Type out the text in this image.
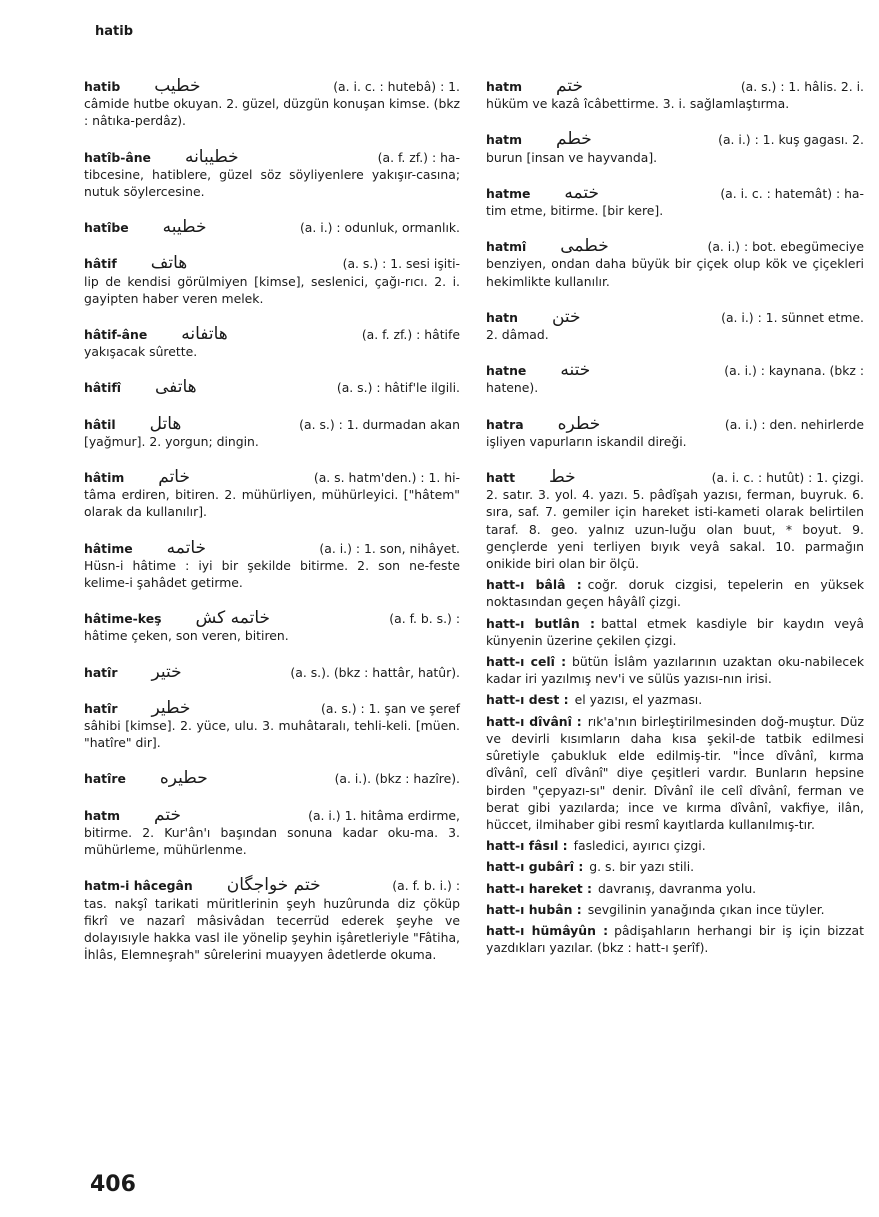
hatib
hatib	خطیب	(a. i. c. : hutebâ) : 1.
câmide hutbe okuyan. 2. güzel, düzgün konuşan kimse. (bkz : nâtıka-perdâz).
hatîb-âne	خطیبانه	(a. f. zf.) : ha-
tibcesine, hatiblere, güzel söz söyliyenlere yakışır-casına; nutuk söylercesine.
hatîbe	خطیبه	(a. i.) : odunluk, ormanlık.
hâtif	هاتف	(a. s.) : 1. sesi işiti-
lip de kendisi görülmiyen [kimse], seslenici, çağı-rıcı. 2. i. gayipten haber veren melek.
hâtif-âne	هاتفانه	(a. f. zf.) : hâtife
yakışacak sûrette.
hâtifî	هاتفی	(a. s.) : hâtif'le ilgili.
hâtil	هاتل	(a. s.) : 1. durmadan akan
[yağmur]. 2. yorgun; dingin.
hâtim	خاتم	(a. s. hatm'den.) : 1. hi-
tâma erdiren, bitiren. 2. mühürliyen, mühürleyici. ["hâtem" olarak da kullanılır].
hâtime	خاتمه	(a. i.) : 1. son, nihâyet.
Hüsn-i hâtime : iyi bir şekilde bitirme. 2. son ne-feste kelime-i şahâdet getirme.
hâtime-keş	خاتمه کش	(a. f. b. s.) :
hâtime çeken, son veren, bitiren.
hatîr	ختیر	(a. s.). (bkz : hattâr, hatûr).
hatîr	خطیر	(a. s.) : 1. şan ve şeref
sâhibi [kimse]. 2. yüce, ulu. 3. muhâtaralı, tehli-keli. [müen. "hatîre" dir].
hatîre	حطیره	(a. i.). (bkz : hazîre).
hatm	ختم	(a. i.) 1. hitâma erdirme,
bitirme. 2. Kur'ân'ı başından sonuna kadar oku-ma. 3. mühürleme, mühürlenme.
hatm-i hâcegân	ختم خواجگان	(a. f. b. i.) :
tas. nakşî tarikati müritlerinin şeyh huzûrunda diz çöküp fikrî ve nazarî mâsivâdan tecerrüd ederek şeyhe ve dolayısıyle hakka vasl ile yönelip şeyhin işâretleriyle "Fâtiha, İhlâs, Elemneşrah" sûrelerini muayyen âdetlerde okuma.
hatm	ختم	(a. s.) : 1. hâlis. 2. i.
hüküm ve kazâ îcâbettirme. 3. i. sağlamlaştırma.
hatm	خطم	(a. i.) : 1. kuş gagası. 2.
burun [insan ve hayvanda].
hatme	ختمه	(a. i. c. : hatemât) : ha-
tim etme, bitirme. [bir kere].
hatmî	خطمی	(a. i.) : bot. ebegümeciye
benziyen, ondan daha büyük bir çiçek olup kök ve çiçekleri hekimlikte kullanılır.
hatn	ختن	(a. i.) : 1. sünnet etme.
2. dâmad.
hatne	ختنه	(a. i.) : kaynana. (bkz :
hatene).
hatra	خطره	(a. i.) : den. nehirlerde
işliyen vapurların iskandil direği.
hatt	خط	(a. i. c. : hutût) : 1. çizgi.
2. satır. 3. yol. 4. yazı. 5. pâdîşah yazısı, ferman, buyruk. 6. sıra, saf. 7. gemiler için hareket isti-kameti olarak belirtilen taraf. 8. geo. yalnız uzun-luğu olan buut, * boyut. 9. gençlerde yeni terliyen bıyık veyâ sakal. 10. parmağın onikide biri olan bir ölçü.
hatt-ı bâlâ : coğr. doruk cizgisi, tepelerin en yüksek noktasından geçen hâyâlî çizgi.
hatt-ı butlân : battal etmek kasdiyle bir kaydın veyâ künyenin üzerine çekilen çizgi.
hatt-ı celî : bütün İslâm yazılarının uzaktan oku-nabilecek kadar iri yazılmış nev'i ve sülüs yazısı-nın irisi.
hatt-ı dest : el yazısı, el yazması.
hatt-ı dîvânî : rık'a'nın birleştirilmesinden doğ-muştur. Düz ve devirli kısımların daha kısa şekil-de tatbik edilmesi sûretiyle çabukluk elde edilmiş-tir. "İnce dîvânî, kırma dîvânî, celî dîvânî" diye çeşitleri vardır. Bunların hepsine birden "çepyazı-sı" denir. Dîvânî ile celî dîvânî, ferman ve berat gibi yazılarda; ince ve kırma dîvânî, vakfiye, ilân, hüccet, ilmihaber gibi resmî kayıtlarda kullanılmış-tır.
hatt-ı fâsıl : fasledici, ayırıcı çizgi.
hatt-ı gubârî : g. s. bir yazı stili.
hatt-ı hareket : davranış, davranma yolu.
hatt-ı hubân : sevgilinin yanağında çıkan ince tüyler.
hatt-ı hümâyûn : pâdişahların herhangi bir iş için bizzat yazdıkları yazılar. (bkz : hatt-ı şerîf).
406
